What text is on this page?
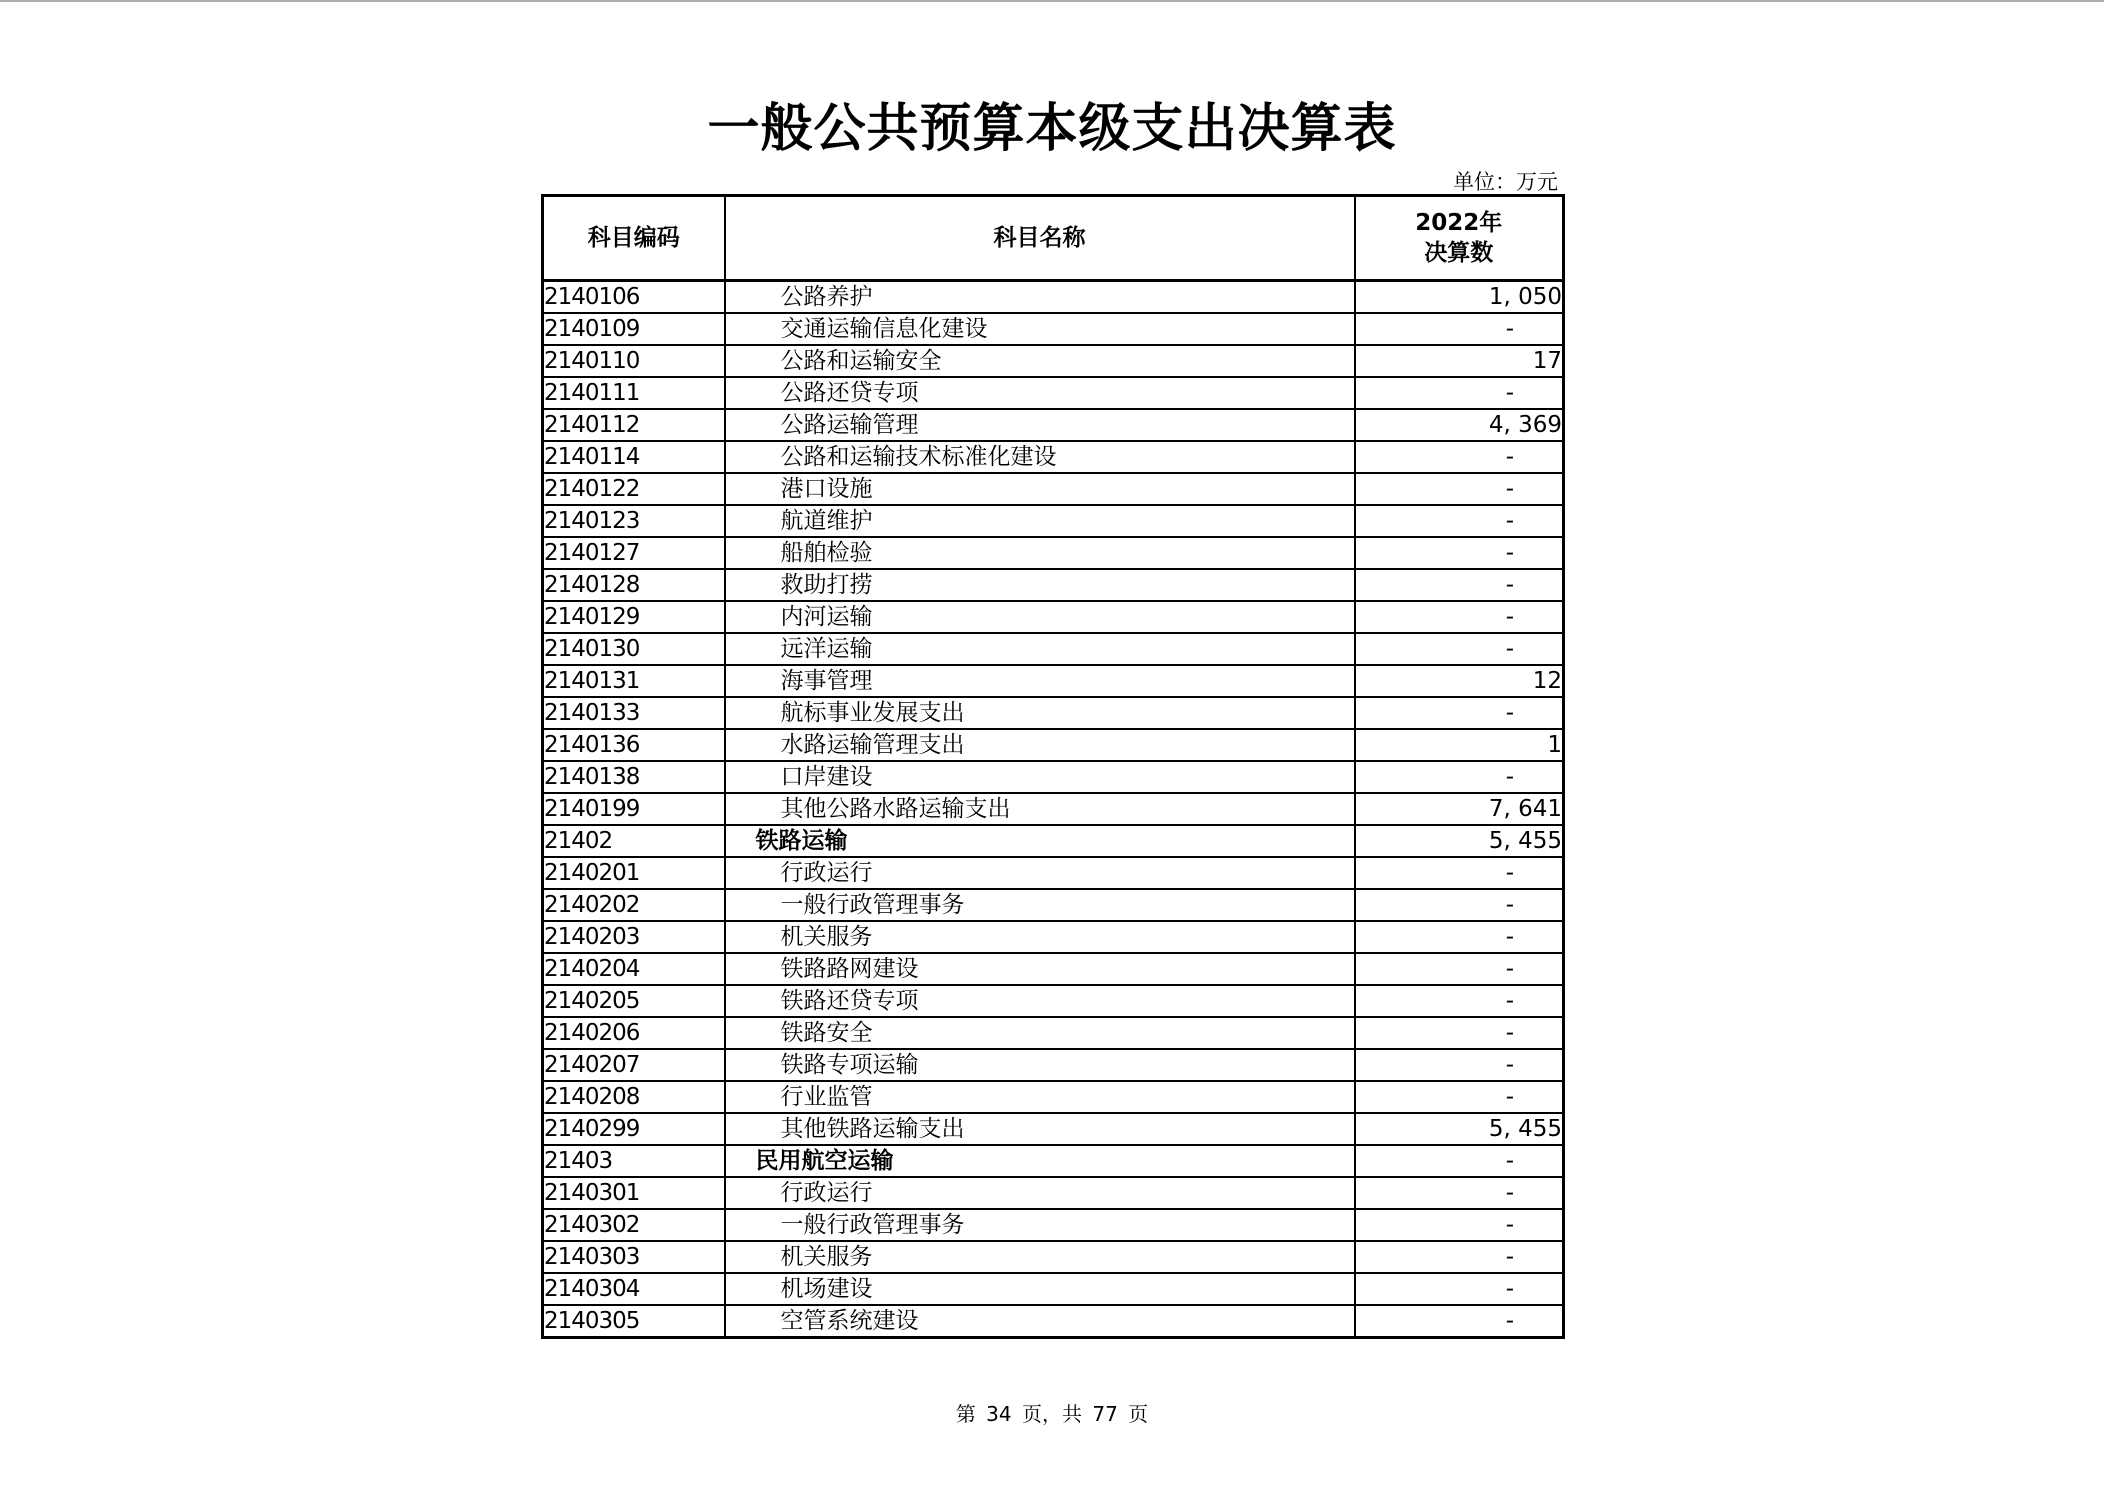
一般公共预算本级支出决算表
单位：万元
科目编码	科目名称	2022年
决算数

2140106	公路养护	1, 050
2140109	交通运输信息化建设	-
2140110	公路和运输安全	17
2140111	公路还贷专项	-
2140112	公路运输管理	4, 369
2140114	公路和运输技术标准化建设	-
2140122	港口设施	-
2140123	航道维护	-
2140127	船舶检验	-
2140128	救助打捞	-
2140129	内河运输	-
2140130	远洋运输	-
2140131	海事管理	12
2140133	航标事业发展支出	-
2140136	水路运输管理支出	1
2140138	口岸建设	-
2140199	其他公路水路运输支出	7, 641
21402	铁路运输	5, 455
2140201	行政运行	-
2140202	一般行政管理事务	-
2140203	机关服务	-
2140204	铁路路网建设	-
2140205	铁路还贷专项	-
2140206	铁路安全	-
2140207	铁路专项运输	-
2140208	行业监管	-
2140299	其他铁路运输支出	5, 455
21403	民用航空运输	-
2140301	行政运行	-
2140302	一般行政管理事务	-
2140303	机关服务	-
2140304	机场建设	-
2140305	空管系统建设	-
第 34 页，共 77 页
